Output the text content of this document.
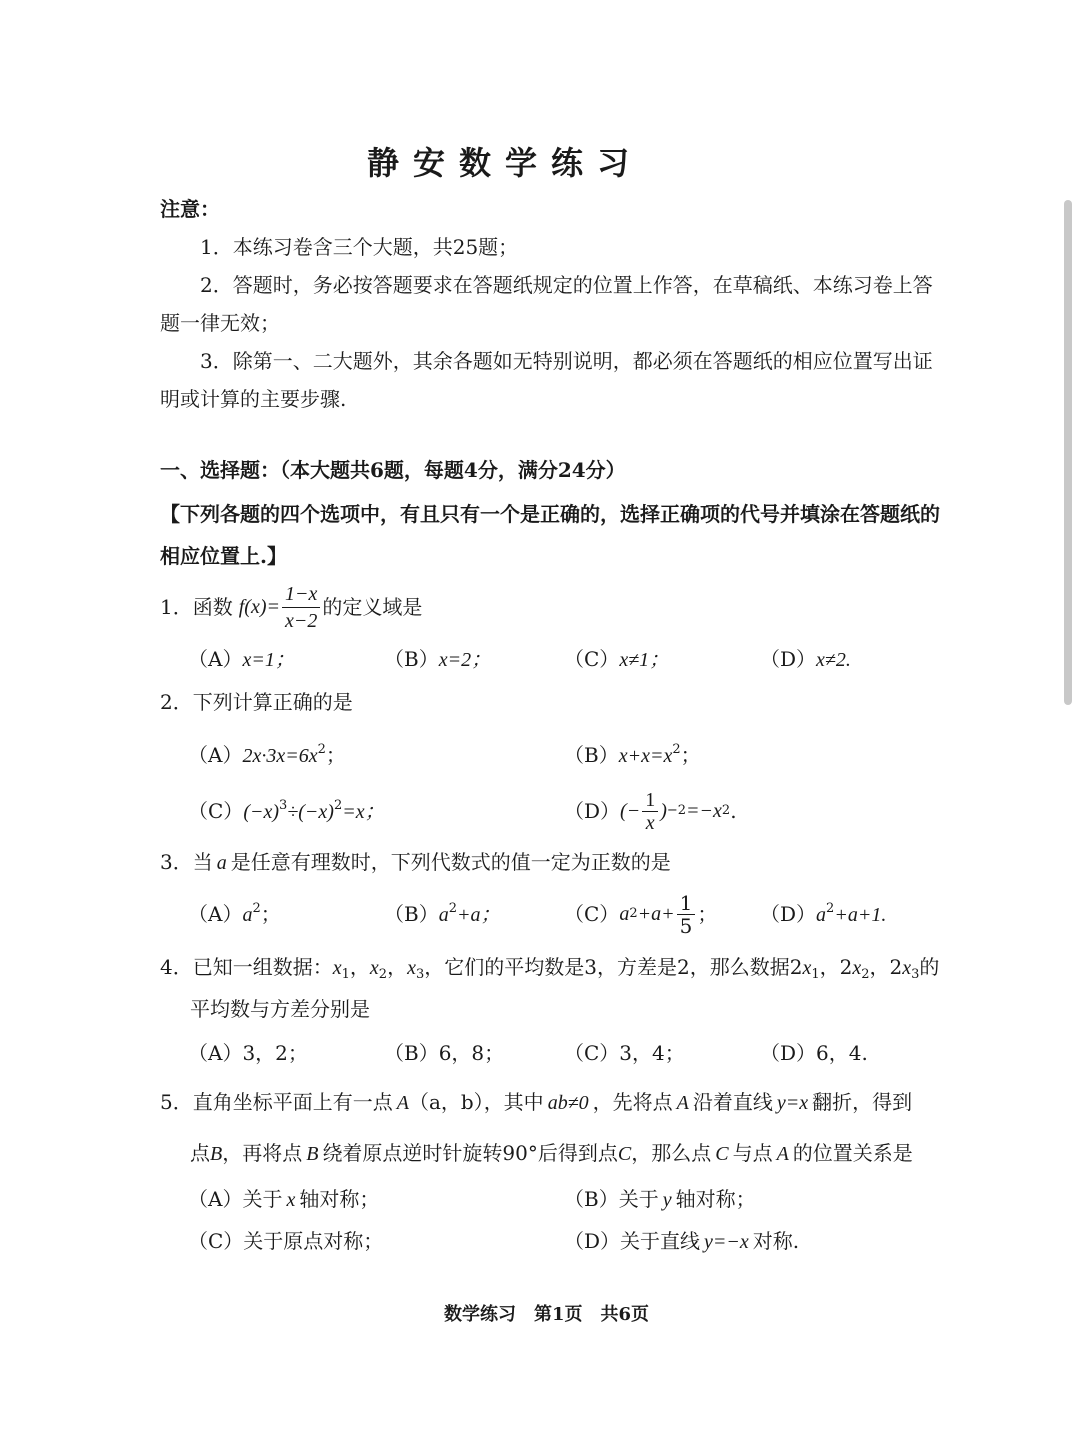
静安数学练习
注意：
1．本练习卷含三个大题，共25题；
2．答题时，务必按答题要求在答题纸规定的位置上作答，在草稿纸、本练习卷上答
题一律无效；
3．除第一、二大题外，其余各题如无特别说明，都必须在答题纸的相应位置写出证
明或计算的主要步骤.
一、选择题：（本大题共6题，每题4分，满分24分）
【下列各题的四个选项中，有且只有一个是正确的，选择正确项的代号并填涂在答题纸的
相应位置上.】
1． 函数 $f(x)= \frac{1-x}{x-2}$ 的定义域是
（A）x=1；	（B）x=2；	（C）x≠1；	（D）x≠2.
2．下列计算正确的是
$(A)2x\cdot 3x=6x^2$；	$(B)x+x=x^2$；
$(C)(-x)^3\div(-x)^2=x$；	（D） (− $\frac{1}{x}$ ) −2 =−x 2 .
3．当 a 是任意有理数时，下列代数式的值一定为正数的是
$(A)a^2$；	$(B)a^2+a$；	（C） a $2 +a+ \frac{1}{5}$ ； $(D)a^2+a+1$.
4．已知一组数据：$x_1$，$x_2$，$x_3$，它们的平均数是3，方差是2，那么数据$2x_1$，$2x_2$，$2x_3$的
平均数与方差分别是
（A）3，2；	（B）6，8；	（C）3，4；	（D）6，4.
5．直角坐标平面上有一点 A（a，b），其中 ab≠0 ，先将点 A 沿着直线 y=x 翻折，得到
点B，再将点 B 绕着原点逆时针旋转90°后得到点C，那么点 C 与点 A 的位置关系是
（A）关于 x 轴对称；	（B）关于 y 轴对称；
（C）关于原点对称；	（D）关于直线 y=−x 对称.
数学练习　第1页　共6页
